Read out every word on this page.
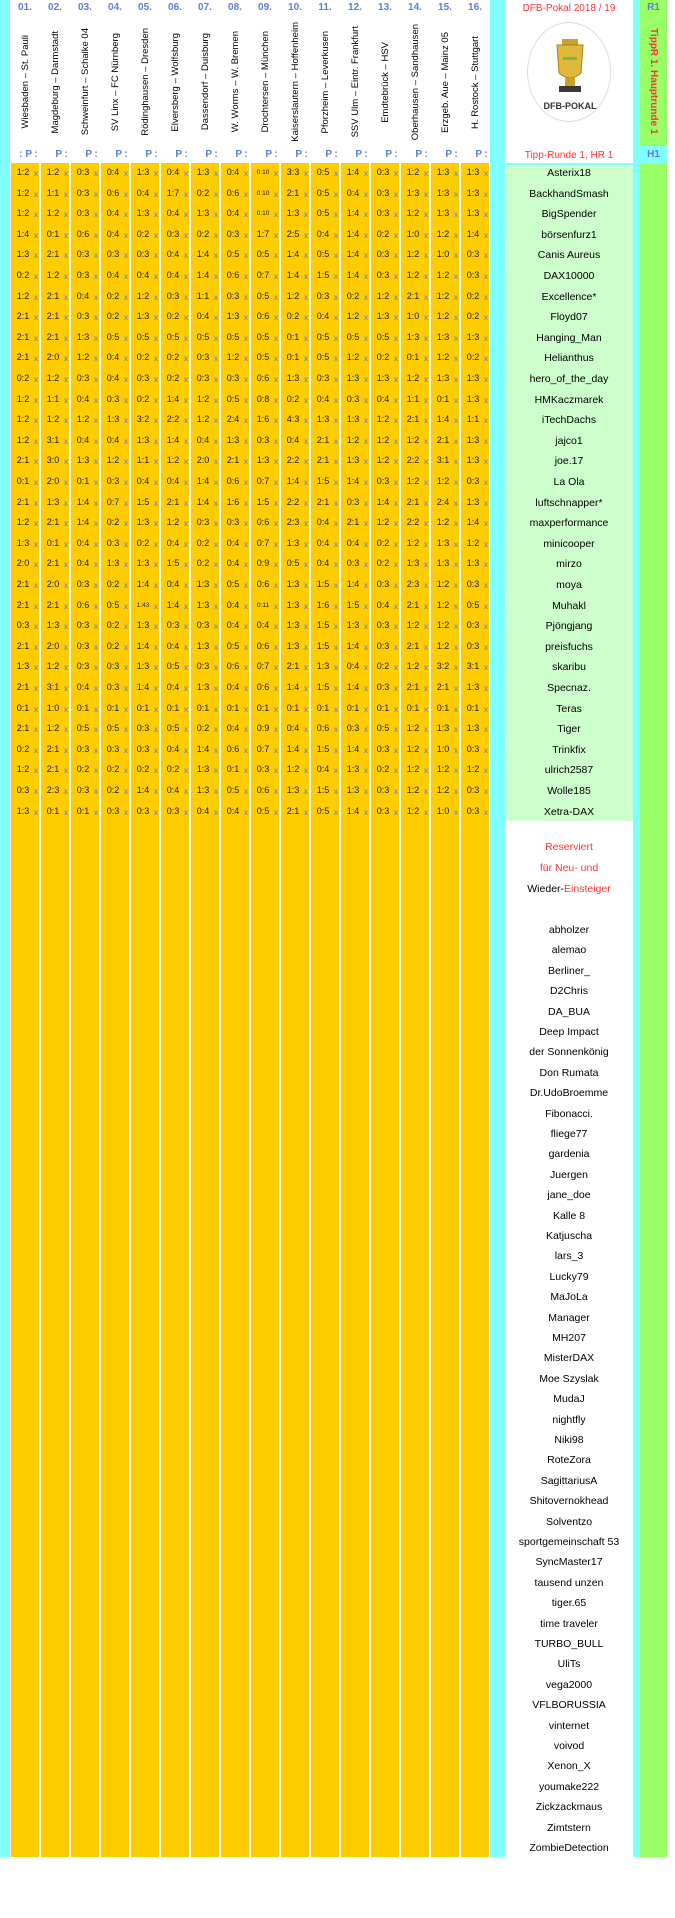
01.
Wiesbaden – St. Pauli
P :
1:2 x
1:2 x
1:2 x
1:4 x
1:3 x
0:2 x
1:2 x
2:1 x
2:1 x
2:1 x
0:2 x
1:2 x
1:2 x
1:2 x
2:1 x
0:1 x
2:1 x
1:2 x
1:3 x
2:0 x
2:1 x
2:1 x
0:3 x
2:1 x
1:3 x
2:1 x
0:1 x
2:1 x
0:2 x
1:2 x
0:3 x
1:3 x
02.
Magdeburg – Darmstadt
P :
1:2 x
1:1 x
1:2 x
0:1 x
2:1 x
1:2 x
2:1 x
2:1 x
2:1 x
2:0 x
1:2 x
1:1 x
1:2 x
3:1 x
3:0 x
2:0 x
1:3 x
2:1 x
0:1 x
2:1 x
2:0 x
2:1 x
1:3 x
2:0 x
1:2 x
3:1 x
1:0 x
1:2 x
2:1 x
2:1 x
2:3 x
0:1 x
03.
Schweinfurt – Schalke 04
P :
0:3 x
0:3 x
0:3 x
0:6 x
0:3 x
0:3 x
0:4 x
0:3 x
1:3 x
1:2 x
0:3 x
0:4 x
1:2 x
0:4 x
1:3 x
0:1 x
1:4 x
1:4 x
0:4 x
0:4 x
0:3 x
0:6 x
0:3 x
0:3 x
0:3 x
0:4 x
0:1 x
0:5 x
0:3 x
0:2 x
0:3 x
0:1 x
04.
SV Linx – FC Nürnberg
P :
0:4 x
0:6 x
0:4 x
0:4 x
0:3 x
0:4 x
0:2 x
0:2 x
0:5 x
0:4 x
0:4 x
0:3 x
1:3 x
0:4 x
1:2 x
0:3 x
0:7 x
0:2 x
0:3 x
1:3 x
0:2 x
0:5 x
0:2 x
0:2 x
0:3 x
0:3 x
0:1 x
0:5 x
0:3 x
0:2 x
0:2 x
0:3 x
05.
Rödinghausen – Dresden
P :
1:3 x
0:4 x
1:3 x
0:2 x
0:3 x
0:4 x
1:2 x
1:3 x
0:5 x
0:2 x
0:3 x
0:2 x
3:2 x
1:3 x
1:1 x
0:4 x
1:5 x
1:3 x
0:2 x
1:3 x
1:4 x
1:43 x
1:3 x
1:4 x
1:3 x
1:4 x
0:1 x
0:3 x
0:3 x
0:2 x
1:4 x
0:3 x
06.
Elversberg – Wolfsburg
P :
0:4 x
1:7 x
0:4 x
0:3 x
0:4 x
0:4 x
0:3 x
0:2 x
0:5 x
0:2 x
0:2 x
1:4 x
2:2 x
1:4 x
1:2 x
0:4 x
2:1 x
1:2 x
0:4 x
1:5 x
0:4 x
1:4 x
0:3 x
0:4 x
0:5 x
0:4 x
0:1 x
0:5 x
0:4 x
0:2 x
0:4 x
0:3 x
07.
Dassendorf – Duisburg
P :
1:3 x
0:2 x
1:3 x
0:2 x
1:4 x
1:4 x
1:1 x
0:4 x
0:5 x
0:3 x
0:3 x
1:2 x
1:2 x
0:4 x
2:0 x
1:4 x
1:4 x
0:3 x
0:2 x
0:2 x
1:3 x
1:3 x
0:3 x
1:3 x
0:3 x
1:3 x
0:1 x
0:2 x
1:4 x
1:3 x
1:3 x
0:4 x
08.
W. Worms – W. Bremen
P :
0:4 x
0:6 x
0:4 x
0:3 x
0:5 x
0:6 x
0:3 x
1:3 x
0:5 x
1:2 x
0:3 x
0:5 x
2:4 x
1:3 x
2:1 x
0:6 x
1:6 x
0:3 x
0:4 x
0:4 x
0:5 x
0:4 x
0:4 x
0:5 x
0:6 x
0:4 x
0:1 x
0:4 x
0:6 x
0:1 x
0:5 x
0:4 x
09.
Drochtersen – München
P :
0:10 x
0:10 x
0:10 x
1:7 x
0:5 x
0:7 x
0:5 x
0:6 x
0:5 x
0:5 x
0:6 x
0:8 x
1:6 x
0:3 x
1:3 x
0:7 x
1:5 x
0:6 x
0:7 x
0:9 x
0:6 x
0:11 x
0:4 x
0:6 x
0:7 x
0:6 x
0:1 x
0:9 x
0:7 x
0:3 x
0:6 x
0:5 x
10.
Kaiserslautern – Hoffenheim
P :
3:3 x
2:1 x
1:3 x
2:5 x
1:4 x
1:4 x
1:2 x
0:2 x
0:1 x
0:1 x
1:3 x
0:2 x
4:3 x
0:4 x
2:2 x
1:4 x
2:2 x
2:3 x
1:3 x
0:5 x
1:3 x
1:3 x
1:3 x
1:3 x
2:1 x
1:4 x
0:1 x
0:4 x
1:4 x
1:2 x
1:3 x
2:1 x
11.
Pforzheim – Leverkusen
P :
0:5 x
0:5 x
0:5 x
0:4 x
0:5 x
1:5 x
0:3 x
0:4 x
0:5 x
0:5 x
0:3 x
0:4 x
1:3 x
2:1 x
2:1 x
1:5 x
2:1 x
0:4 x
0:4 x
0:4 x
1:5 x
1:6 x
1:5 x
1:5 x
1:3 x
1:5 x
0:1 x
0:6 x
1:5 x
0:4 x
1:5 x
0:5 x
12.
SSV Ulm – Eintr. Frankfurt
P :
1:4 x
0:4 x
1:4 x
1:4 x
1:4 x
1:4 x
0:2 x
1:2 x
0:5 x
1:2 x
1:3 x
0:3 x
1:3 x
1:2 x
1:3 x
1:4 x
0:3 x
2:1 x
0:4 x
0:3 x
1:4 x
1:5 x
1:3 x
1:4 x
0:4 x
1:4 x
0:1 x
0:3 x
1:4 x
1:3 x
1:3 x
1:4 x
13.
Emdtebrück – HSV
P :
0:3 x
0:3 x
0:3 x
0:2 x
0:3 x
0:3 x
1:2 x
1:3 x
0:5 x
0:2 x
1:3 x
0:4 x
1:2 x
1:2 x
1:2 x
0:3 x
1:4 x
1:2 x
0:2 x
0:2 x
0:3 x
0:4 x
0:3 x
0:3 x
0:2 x
0:3 x
0:1 x
0:5 x
0:3 x
0:2 x
0:3 x
0:3 x
14.
Oberhausen – Sandhausen
P :
1:2 x
1:3 x
1:2 x
1:0 x
1:2 x
1:2 x
2:1 x
1:0 x
1:3 x
0:1 x
1:2 x
1:1 x
2:1 x
1:2 x
2:2 x
1:2 x
2:1 x
2:2 x
1:2 x
1:3 x
2:3 x
2:1 x
1:2 x
2:1 x
1:2 x
2:1 x
0:1 x
1:2 x
1:2 x
1:2 x
1:2 x
1:2 x
15.
Erzgeb. Aue – Mainz 05
P :
1:3 x
1:3 x
1:3 x
1:2 x
1:0 x
1:2 x
1:2 x
1:2 x
1:3 x
1:2 x
1:3 x
0:1 x
1:4 x
2:1 x
3:1 x
1:2 x
2:4 x
1:2 x
1:3 x
1:3 x
1:2 x
1:2 x
1:2 x
1:2 x
3:2 x
2:1 x
0:1 x
1:3 x
1:0 x
1:2 x
1:2 x
1:0 x
16.
H. Rostock – Stuttgart
P :
1:3 x
1:3 x
1:3 x
1:4 x
0:3 x
0:3 x
0:2 x
0:2 x
1:3 x
0:2 x
1:3 x
1:3 x
1:1 x
1:3 x
1:3 x
0:3 x
1:3 x
1:4 x
1:2 x
1:3 x
0:3 x
0:5 x
0:3 x
0:3 x
3:1 x
1:3 x
0:1 x
1:3 x
0:3 x
1:2 x
0:3 x
0:3 x
:
DFB-Pokal 2018 / 19
DFB-POKAL
Tipp-Runde 1, HR 1
Asterix18
BackhandSmash
BigSpender
börsenfurz1
Canis Aureus
DAX10000
Excellence*
Floyd07
Hanging_Man
Helianthus
hero_of_the_day
HMKaczmarek
iTechDachs
jajco1
joe.17
La Ola
luftschnapper*
maxperformance
minicooper
mirzo
moya
Muhakl
Pjöngjang
preisfuchs
skaribu
Specnaz.
Teras
Tiger
Trinkfix
ulrich2587
Wolle185
Xetra-DAX
Reserviert
für Neu- und
Wieder-Einsteiger
abholzer
alemao
Berliner_
D2Chris
DA_BUA
Deep Impact
der Sonnenkönig
Don Rumata
Dr.UdoBroemme
Fibonacci.
fliege77
gardenia
Juergen
jane_doe
Kalle 8
Katjuscha
lars_3
Lucky79
MaJoLa
Manager
MH207
MisterDAX
Moe Szyslak
MudaJ
nightfly
Niki98
RoteZora
SagittariusA
Shitovernokhead
Solventzo
sportgemeinschaft 53
SyncMaster17
tausend unzen
tiger.65
time traveler
TURBO_BULL
UliTs
vega2000
VFLBORUSSIA
vinternet
voivod
Xenon_X
youmake222
Zickzackmaus
Zimtstern
ZombieDetection
R1
TippR 1. Hauptrunde 1
H1
